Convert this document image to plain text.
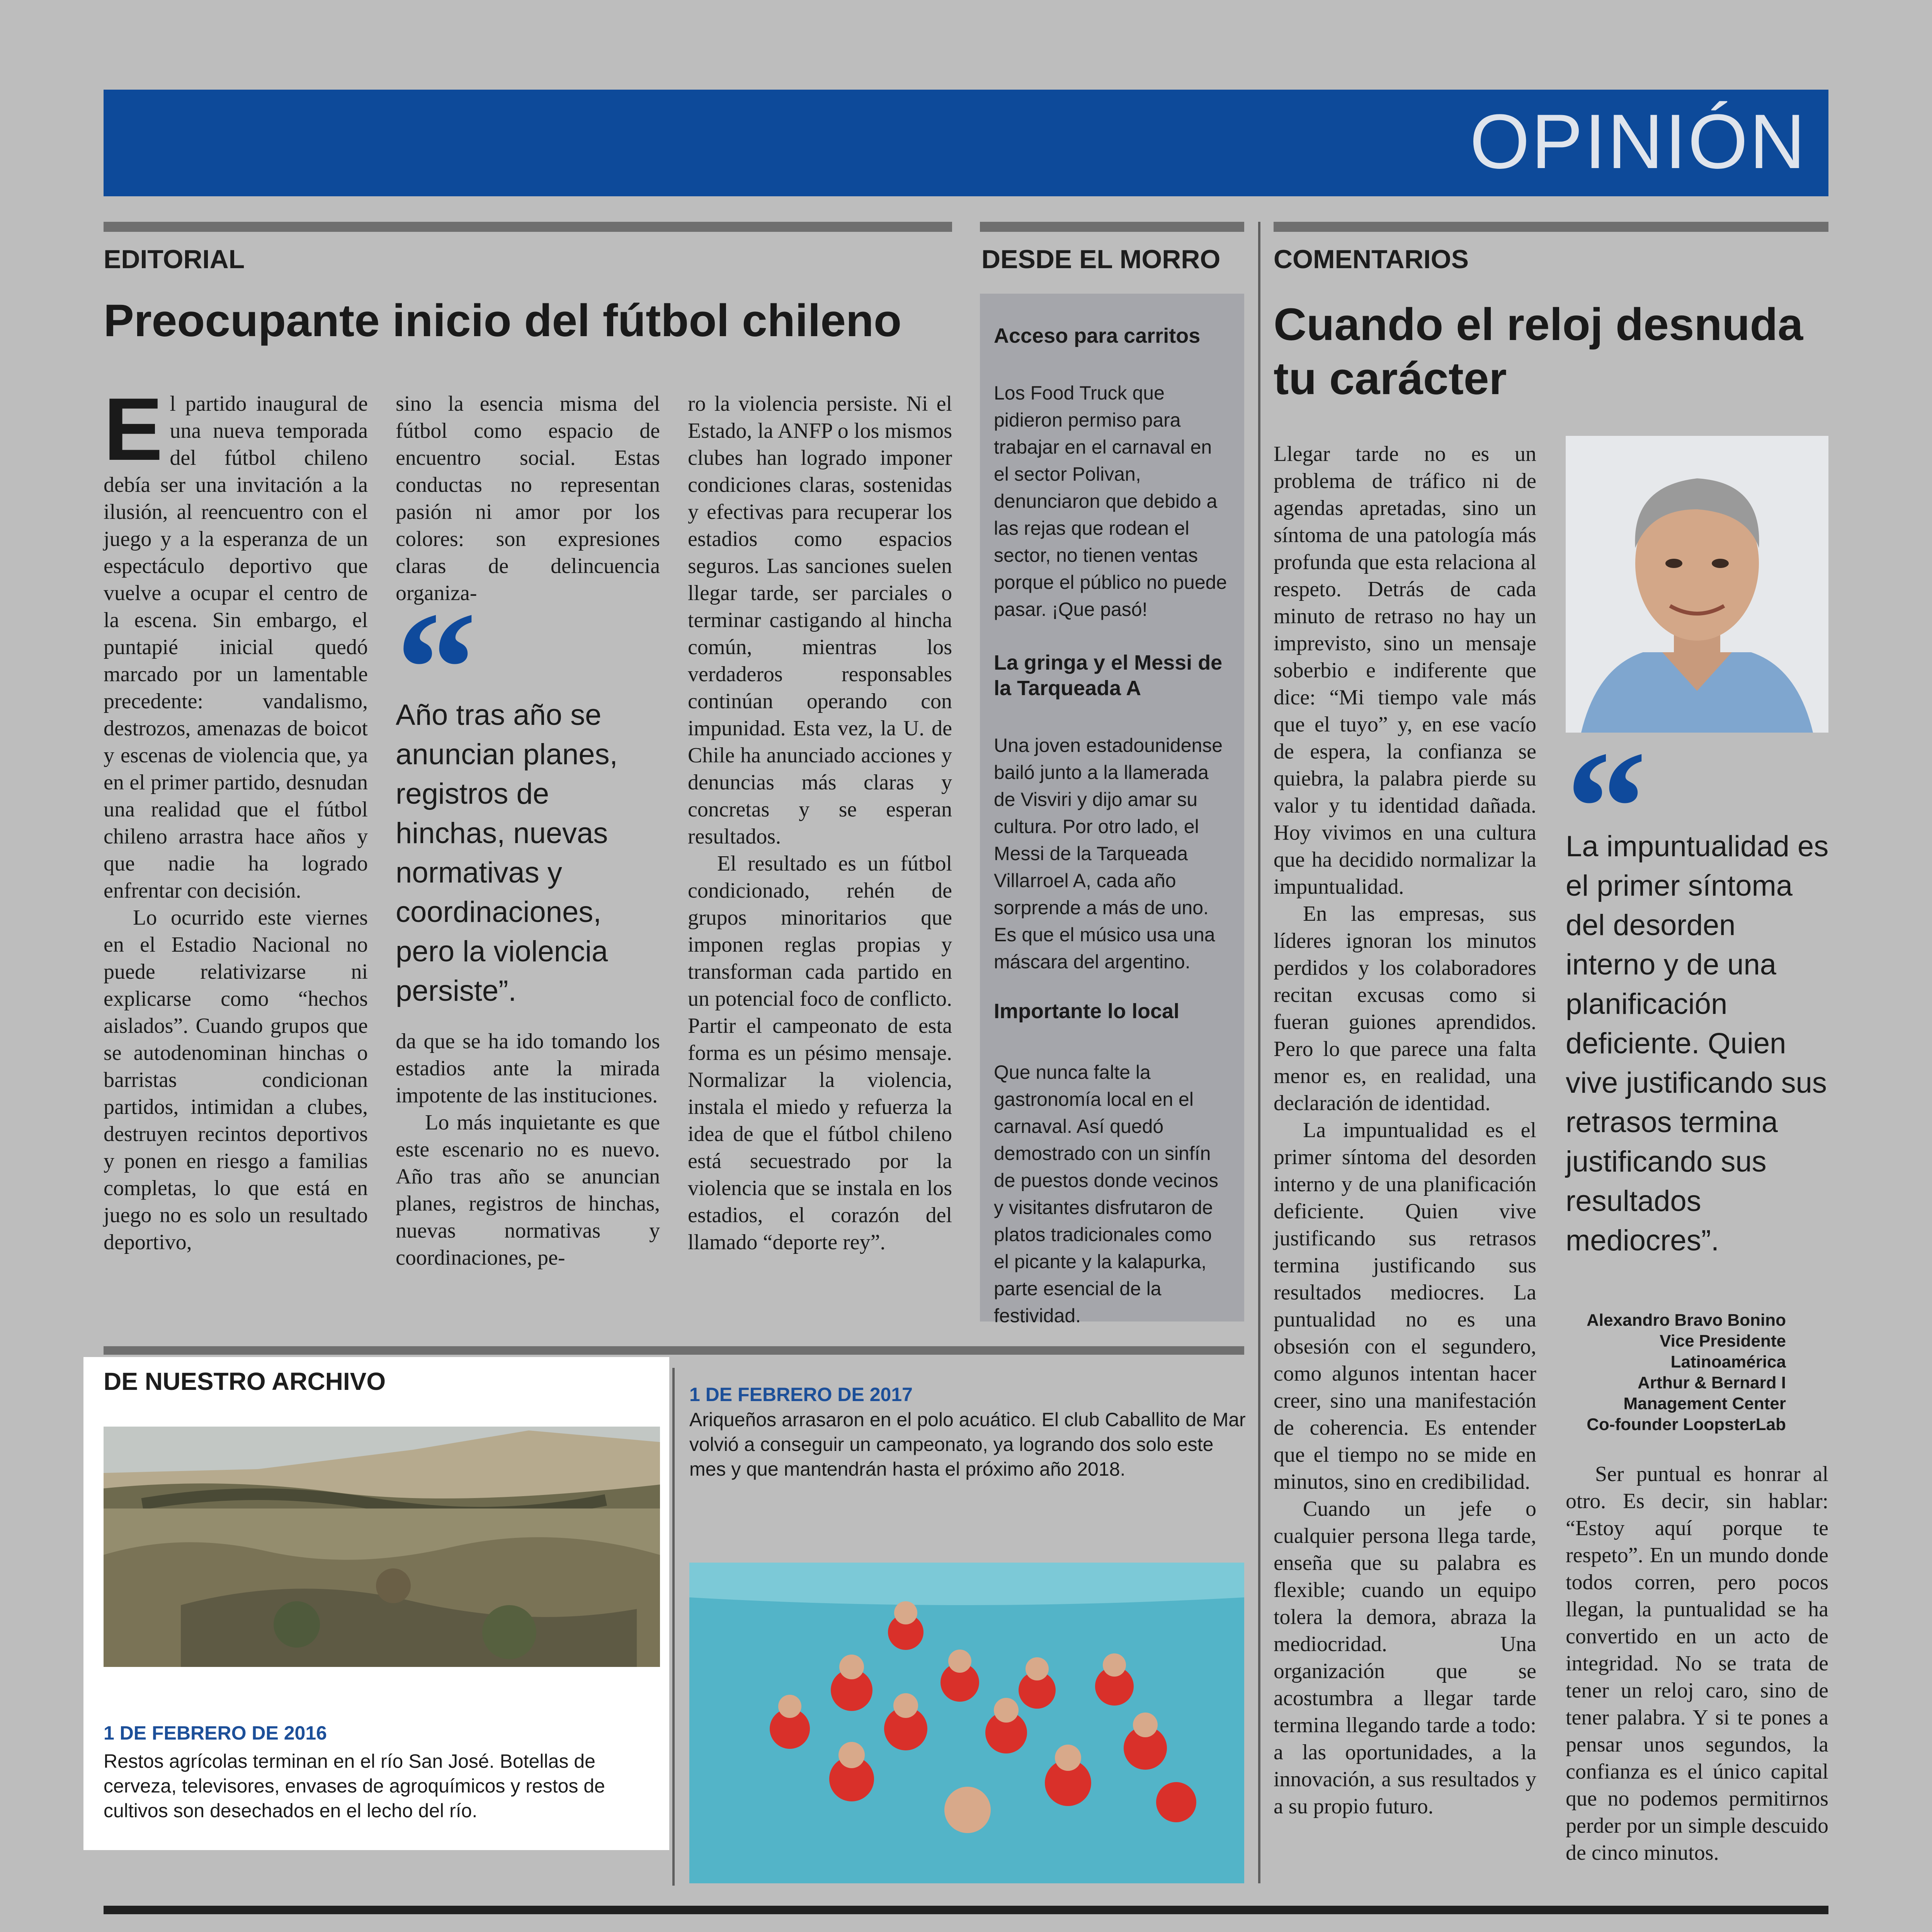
OPINIÓN
EDITORIAL
Preocupante inicio del fútbol chileno

El partido inaugural de una nueva temporada del fútbol chileno debía ser una invitación a la ilusión, al reencuentro con el juego y a la esperanza de un espectáculo deportivo que vuelve a ocupar el centro de la escena. Sin embargo, el puntapié inicial quedó marcado por un lamentable precedente: vandalismo, destrozos, amenazas de boicot y escenas de violencia que, ya en el primer partido, desnudan una realidad que el fútbol chileno arrastra hace años y que nadie ha logrado enfrentar con decisión.

Lo ocurrido este viernes en el Estadio Nacional no puede relativizarse ni explicarse como “hechos aislados”. Cuando grupos que se autodenominan hinchas o barristas condicionan partidos, intimidan a clubes, destruyen recintos deportivos y ponen en riesgo a familias completas, lo que está en juego no es solo un resultado deportivo,

sino la esencia misma del fútbol como espacio de encuentro social. Estas conductas no representan pasión ni amor por los colores: son expresiones claras de delincuencia organiza-

Año tras año se anuncian planes, registros de hinchas, nuevas normativas y coordinaciones, pero la violencia persiste”.

da que se ha ido tomando los estadios ante la mirada impotente de las instituciones.

Lo más inquietante es que este escenario no es nuevo. Año tras año se anuncian planes, registros de hinchas, nuevas normativas y coordinaciones, pe-

ro la violencia persiste. Ni el Estado, la ANFP o los mismos clubes han logrado imponer condiciones claras, sostenidas y efectivas para recuperar los estadios como espacios seguros. Las sanciones suelen llegar tarde, ser parciales o terminar castigando al hincha común, mientras los verdaderos responsables continúan operando con impunidad. Esta vez, la U. de Chile ha anunciado acciones y denuncias más claras y concretas y se esperan resultados.

El resultado es un fútbol condicionado, rehén de grupos minoritarios que imponen reglas propias y transforman cada partido en un potencial foco de conflicto. Partir el campeonato de esta forma es un pésimo mensaje. Normalizar la violencia, instala el miedo y refuerza la idea de que el fútbol chileno está secuestrado por la violencia que se instala en los estadios, el corazón del llamado “deporte rey”.

DESDE EL MORRO
Acceso para carritos
Los Food Truck que pidieron permiso para trabajar en el carnaval en el sector Polivan, denunciaron que debido a las rejas que rodean el sector, no tienen ventas porque el público no puede pasar. ¡Que pasó!
La gringa y el Messi de la Tarqueada A
Una joven estadounidense bailó junto a la llamerada de Visviri y dijo amar su cultura. Por otro lado, el Messi de la Tarqueada Villarroel A, cada año sorprende a más de uno. Es que el músico usa una máscara del argentino.
Importante lo local
Que nunca falte la gastronomía local en el carnaval. Así quedó demostrado con un sinfín de puestos donde vecinos y visitantes disfrutaron de platos tradicionales como el picante y la kalapurka, parte esencial de la festividad.
COMENTARIOS
Cuando el reloj desnuda tu carácter

Llegar tarde no es un problema de tráfico ni de agendas apretadas, sino un síntoma de una patología más profunda que esta relaciona al respeto. Detrás de cada minuto de retraso no hay un imprevisto, sino un mensaje soberbio e indiferente que dice: “Mi tiempo vale más que el tuyo” y, en ese vacío de espera, la confianza se quiebra, la palabra pierde su valor y tu identidad dañada. Hoy vivimos en una cultura que ha decidido normalizar la impuntualidad.

En las empresas, sus líderes ignoran los minutos perdidos y los colaboradores recitan excusas como si fueran guiones aprendidos. Pero lo que parece una falta menor es, en realidad, una declaración de identidad.

La impuntualidad es el primer síntoma del desorden interno y de una planificación deficiente. Quien vive justificando sus retrasos termina justificando sus resultados mediocres. La puntualidad no es una obsesión con el segundero, como algunos intentan hacer creer, sino una manifestación de coherencia. Es entender que el tiempo no se mide en minutos, sino en credibilidad.

Cuando un jefe o cualquier persona llega tarde, enseña que su palabra es flexible; cuando un equipo tolera la demora, abraza la mediocridad. Una organización que se acostumbra a llegar tarde termina llegando tarde a todo: a las oportunidades, a la innovación, a sus resultados y a su propio futuro.

La impuntualidad es el primer síntoma del desorden interno y de una planificación deficiente. Quien vive justificando sus retrasos termina justificando sus resultados mediocres”.
Alexandro Bravo Bonino
Vice Presidente Latinoamérica
Arthur & Bernard I
Management Center
Co-founder LoopsterLab

Ser puntual es honrar al otro. Es decir, sin hablar: “Estoy aquí porque te respeto”. En un mundo donde todos corren, pero pocos llegan, la puntualidad se ha convertido en un acto de integridad. No se trata de tener un reloj caro, sino de tener palabra. Y si te pones a pensar unos segundos, la confianza es el único capital que no podemos permitirnos perder por un simple descuido de cinco minutos.

DE NUESTRO ARCHIVO
1 DE FEBRERO DE 2016
Restos agrícolas terminan en el río San José. Botellas de cerveza, televisores, envases de agroquímicos y restos de cultivos son desechados en el lecho del río.
1 DE FEBRERO DE 2017
Ariqueños arrasaron en el polo acuático. El club Caballito de Mar volvió a conseguir un campeonato, ya logrando dos solo este mes y que mantendrán hasta el próximo año 2018.
